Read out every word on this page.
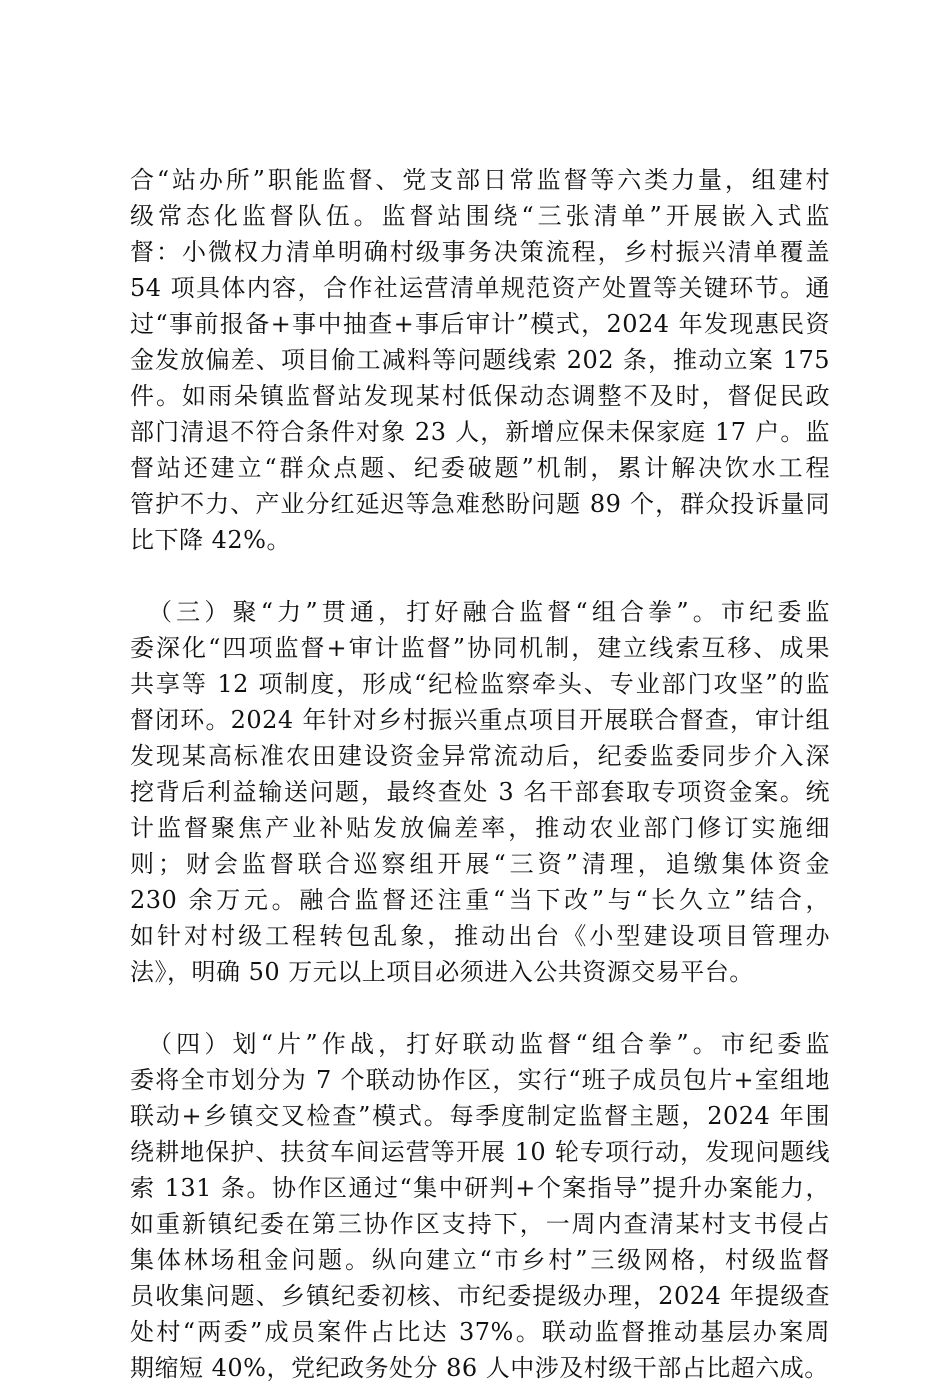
合“站办所”职能监督、党支部日常监督等六类力量，组建村
级常态化监督队伍。监督站围绕“三张清单”开展嵌入式监
督：小微权力清单明确村级事务决策流程，乡村振兴清单覆盖
54 项具体内容，合作社运营清单规范资产处置等关键环节。通
过“事前报备+事中抽查+事后审计”模式，2024 年发现惠民资
金发放偏差、项目偷工减料等问题线索 202 条，推动立案 175
件。如雨朵镇监督站发现某村低保动态调整不及时，督促民政
部门清退不符合条件对象 23 人，新增应保未保家庭 17 户。监
督站还建立“群众点题、纪委破题”机制，累计解决饮水工程
管护不力、产业分红延迟等急难愁盼问题 89 个，群众投诉量同
比下降 42%。
（三）聚“力”贯通，打好融合监督“组合拳”。市纪委监
委深化“四项监督+审计监督”协同机制，建立线索互移、成果
共享等 12 项制度，形成“纪检监察牵头、专业部门攻坚”的监
督闭环。2024 年针对乡村振兴重点项目开展联合督查，审计组
发现某高标准农田建设资金异常流动后，纪委监委同步介入深
挖背后利益输送问题，最终查处 3 名干部套取专项资金案。统
计监督聚焦产业补贴发放偏差率，推动农业部门修订实施细
则；财会监督联合巡察组开展“三资”清理，追缴集体资金
230 余万元。融合监督还注重“当下改”与“长久立”结合，
如针对村级工程转包乱象，推动出台《小型建设项目管理办
法》，明确 50 万元以上项目必须进入公共资源交易平台。
（四）划“片”作战，打好联动监督“组合拳”。市纪委监
委将全市划分为 7 个联动协作区，实行“班子成员包片+室组地
联动+乡镇交叉检查”模式。每季度制定监督主题，2024 年围
绕耕地保护、扶贫车间运营等开展 10 轮专项行动，发现问题线
索 131 条。协作区通过“集中研判+个案指导”提升办案能力，
如重新镇纪委在第三协作区支持下，一周内查清某村支书侵占
集体林场租金问题。纵向建立“市乡村”三级网格，村级监督
员收集问题、乡镇纪委初核、市纪委提级办理，2024 年提级查
处村“两委”成员案件占比达 37%。联动监督推动基层办案周
期缩短 40%，党纪政务处分 86 人中涉及村级干部占比超六成。
